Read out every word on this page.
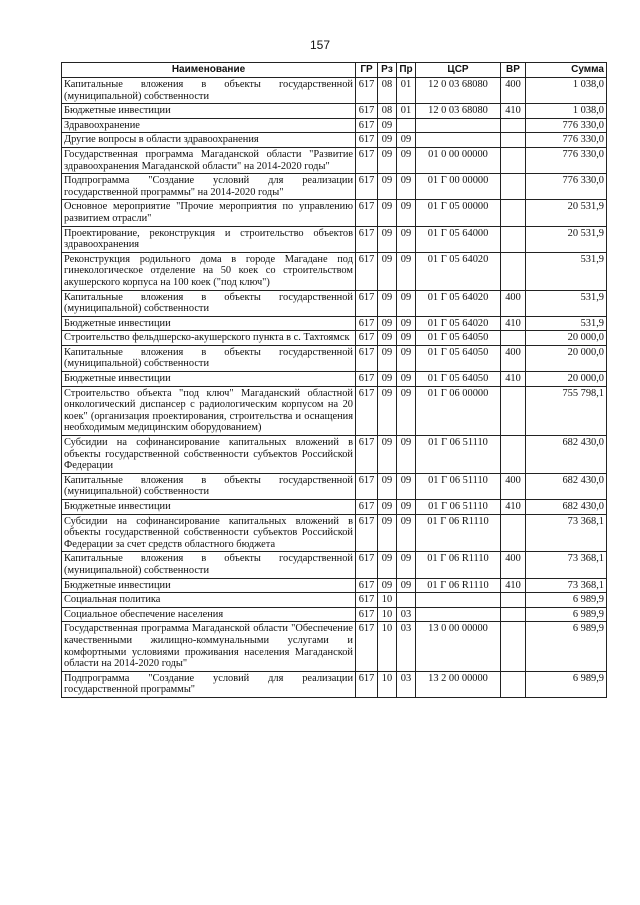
157
Наименование	ГР	Рз	Пр	ЦСР	ВР	Сумма
Капитальные вложения в объекты государственной (муниципальной) собственности	617	08	01	12 0 03 68080	400	1 038,0
Бюджетные инвестиции	617	08	01	12 0 03 68080	410	1 038,0
Здравоохранение	617	09				776 330,0
Другие вопросы в области здравоохранения	617	09	09			776 330,0
Государственная программа Магаданской области "Развитие здравоохранения Магаданской области" на 2014-2020 годы"	617	09	09	01 0 00 00000		776 330,0
Подпрограмма "Создание условий для реализации государственной программы" на 2014-2020 годы"	617	09	09	01 Г 00 00000		776 330,0
Основное мероприятие "Прочие мероприятия по управлению развитием отрасли"	617	09	09	01 Г 05 00000		20 531,9
Проектирование, реконструкция и строительство объектов здравоохранения	617	09	09	01 Г 05 64000		20 531,9
Реконструкция родильного дома в городе Магадане под гинекологическое отделение на 50 коек со строительством акушерского корпуса на 100 коек ("под ключ")	617	09	09	01 Г 05 64020		531,9
Капитальные вложения в объекты государственной (муниципальной) собственности	617	09	09	01 Г 05 64020	400	531,9
Бюджетные инвестиции	617	09	09	01 Г 05 64020	410	531,9
Строительство фельдшерско-акушерского пункта в с. Тахтоямск	617	09	09	01 Г 05 64050		20 000,0
Капитальные вложения в объекты государственной (муниципальной) собственности	617	09	09	01 Г 05 64050	400	20 000,0
Бюджетные инвестиции	617	09	09	01 Г 05 64050	410	20 000,0
Строительство объекта "под ключ" Магаданский областной онкологический диспансер с радиологическим корпусом на 20 коек" (организация проектирования, строительства и оснащения необходимым медицинским оборудованием)	617	09	09	01 Г 06 00000		755 798,1
Субсидии на софинансирование капитальных вложений в объекты государственной собственности субъектов Российской Федерации	617	09	09	01 Г 06 51110		682 430,0
Капитальные вложения в объекты государственной (муниципальной) собственности	617	09	09	01 Г 06 51110	400	682 430,0
Бюджетные инвестиции	617	09	09	01 Г 06 51110	410	682 430,0
Субсидии на софинансирование капитальных вложений в объекты государственной собственности субъектов Российской Федерации за счет средств областного бюджета	617	09	09	01 Г 06 R1110		73 368,1
Капитальные вложения в объекты государственной (муниципальной) собственности	617	09	09	01 Г 06 R1110	400	73 368,1
Бюджетные инвестиции	617	09	09	01 Г 06 R1110	410	73 368,1
Социальная политика	617	10				6 989,9
Социальное обеспечение населения	617	10	03			6 989,9
Государственная программа Магаданской области "Обеспечение качественными жилищно-коммунальными услугами и комфортными условиями проживания населения Магаданской области на 2014-2020 годы"	617	10	03	13 0 00 00000		6 989,9
Подпрограмма "Создание условий для реализации государственной программы"	617	10	03	13 2 00 00000		6 989,9
